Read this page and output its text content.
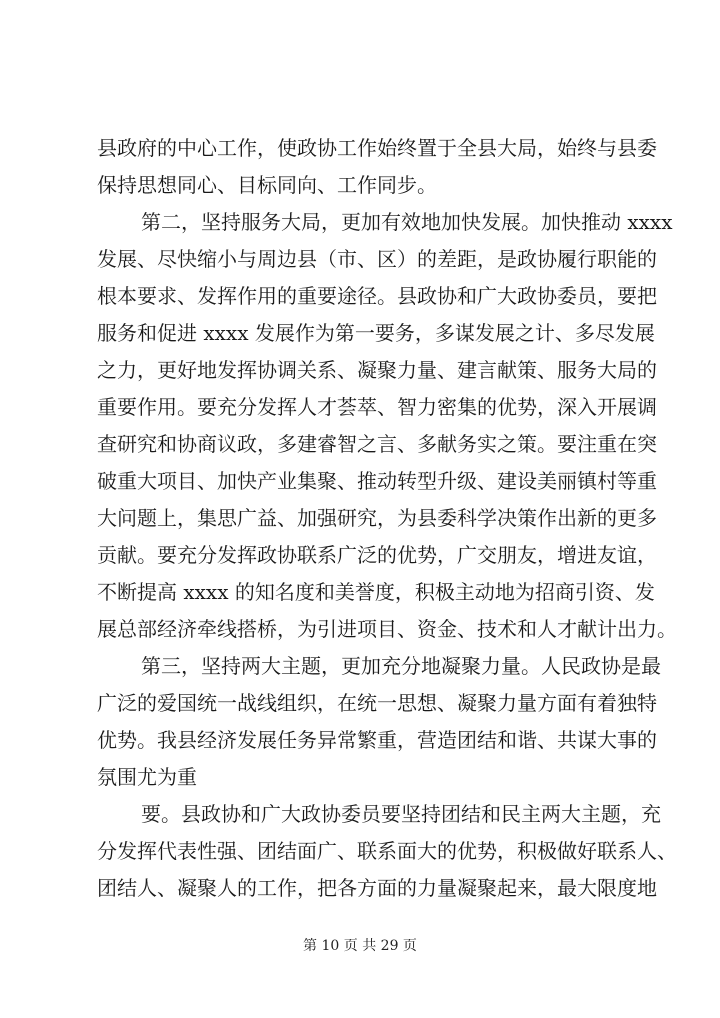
县政府的中心工作，使政协工作始终置于全县大局，始终与县委
保持思想同心、目标同向、工作同步。
第二，坚持服务大局，更加有效地加快发展。加快推动 xxxx
发展、尽快缩小与周边县（市、区）的差距，是政协履行职能的
根本要求、发挥作用的重要途径。县政协和广大政协委员，要把
服务和促进 xxxx 发展作为第一要务，多谋发展之计、多尽发展
之力，更好地发挥协调关系、凝聚力量、建言献策、服务大局的
重要作用。要充分发挥人才荟萃、智力密集的优势，深入开展调
查研究和协商议政，多建睿智之言、多献务实之策。要注重在突
破重大项目、加快产业集聚、推动转型升级、建设美丽镇村等重
大问题上，集思广益、加强研究，为县委科学决策作出新的更多
贡献。要充分发挥政协联系广泛的优势，广交朋友，增进友谊，
不断提高 xxxx 的知名度和美誉度，积极主动地为招商引资、发
展总部经济牵线搭桥，为引进项目、资金、技术和人才献计出力。
第三，坚持两大主题，更加充分地凝聚力量。人民政协是最
广泛的爱国统一战线组织，在统一思想、凝聚力量方面有着独特
优势。我县经济发展任务异常繁重，营造团结和谐、共谋大事的
氛围尤为重
要。县政协和广大政协委员要坚持团结和民主两大主题，充
分发挥代表性强、团结面广、联系面大的优势，积极做好联系人、
团结人、凝聚人的工作，把各方面的力量凝聚起来，最大限度地
第 10 页 共 29 页
